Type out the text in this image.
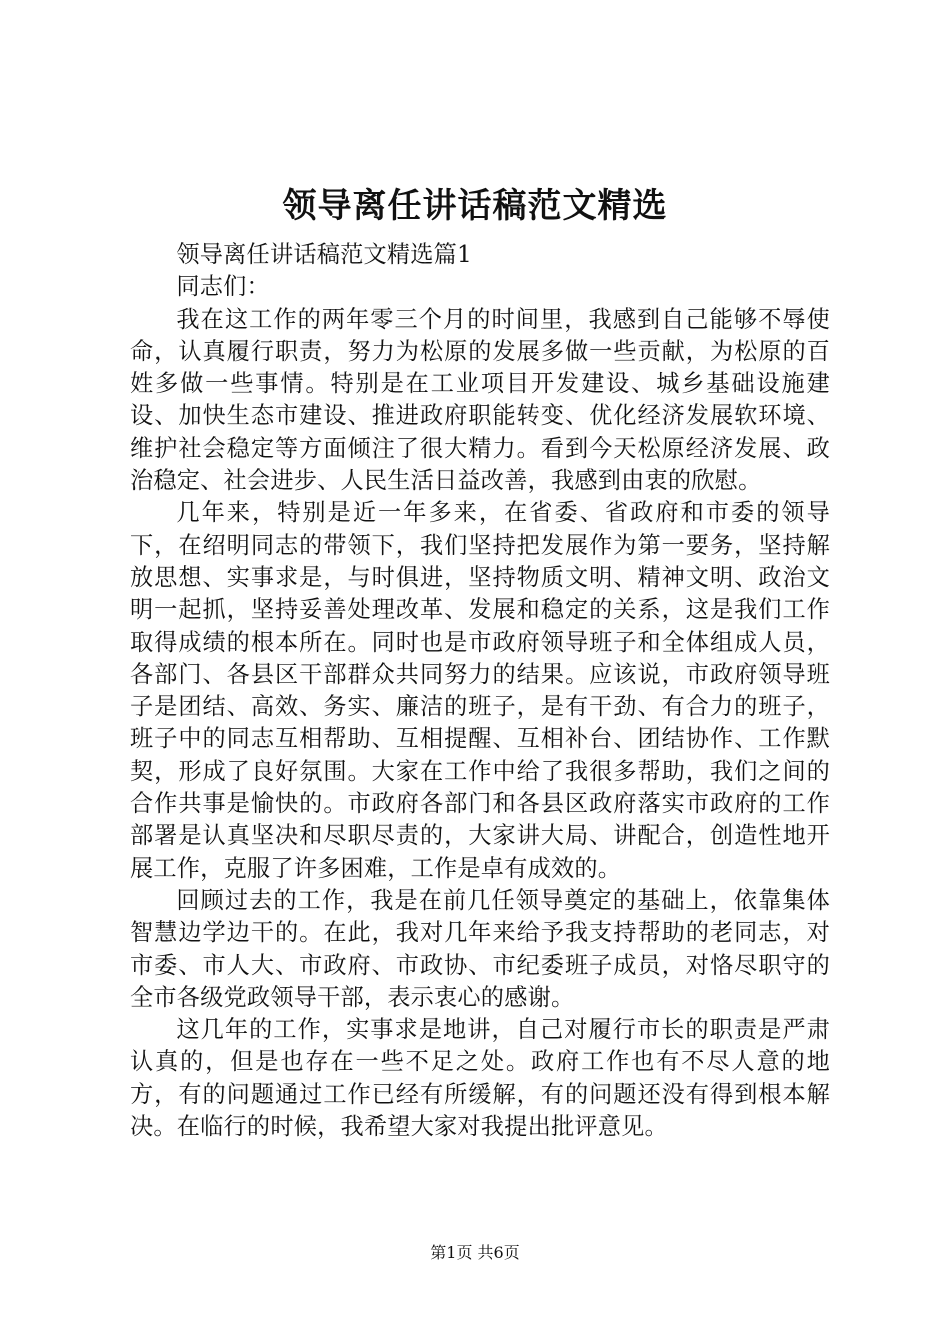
领导离任讲话稿范文精选

领导离任讲话稿范文精选篇1

同志们：

我在这工作的两年零三个月的时间里，我感到自己能够不辱使命，认真履行职责，努力为松原的发展多做一些贡献，为松原的百姓多做一些事情。特别是在工业项目开发建设、城乡基础设施建设、加快生态市建设、推进政府职能转变、优化经济发展软环境、维护社会稳定等方面倾注了很大精力。看到今天松原经济发展、政治稳定、社会进步、人民生活日益改善，我感到由衷的欣慰。

几年来，特别是近一年多来，在省委、省政府和市委的领导下，在绍明同志的带领下，我们坚持把发展作为第一要务，坚持解放思想、实事求是，与时俱进，坚持物质文明、精神文明、政治文明一起抓，坚持妥善处理改革、发展和稳定的关系，这是我们工作取得成绩的根本所在。同时也是市政府领导班子和全体组成人员，各部门、各县区干部群众共同努力的结果。应该说，市政府领导班子是团结、高效、务实、廉洁的班子，是有干劲、有合力的班子，班子中的同志互相帮助、互相提醒、互相补台、团结协作、工作默契，形成了良好氛围。大家在工作中给了我很多帮助，我们之间的合作共事是愉快的。市政府各部门和各县区政府落实市政府的工作部署是认真坚决和尽职尽责的，大家讲大局、讲配合，创造性地开展工作，克服了许多困难，工作是卓有成效的。

回顾过去的工作，我是在前几任领导奠定的基础上，依靠集体智慧边学边干的。在此，我对几年来给予我支持帮助的老同志，对市委、市人大、市政府、市政协、市纪委班子成员，对恪尽职守的全市各级党政领导干部，表示衷心的感谢。

这几年的工作，实事求是地讲，自己对履行市长的职责是严肃认真的，但是也存在一些不足之处。政府工作也有不尽人意的地方，有的问题通过工作已经有所缓解，有的问题还没有得到根本解决。在临行的时候，我希望大家对我提出批评意见。

第1页 共6页
